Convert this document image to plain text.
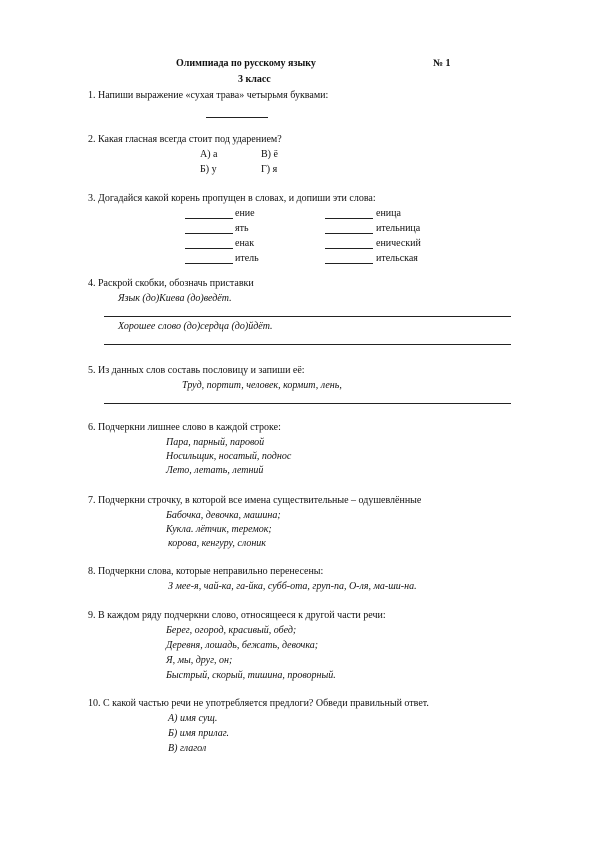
Олимпиада по русскому языку	№ 1
3 класс
1. Напиши выражение «сухая трава» четырьмя буквами:
2. Какая гласная всегда стоит под ударением?
А) а	В) ё
Б) у	Г) я
3. Догадайся какой корень пропущен в словах, и допиши эти слова:
ение	еница
ять	ительница
енак	енический
итель	ительская
4. Раскрой скобки, обозначь приставки
Язык (до)Киева (до)ведёт.
Хорошее слово (до)сердца (до)йдёт.
5. Из данных слов составь пословицу и запиши её:
Труд, портит, человек, кормит, лень,
6. Подчеркни лишнее слово в каждой строке:
Пара, парный, паровой
Носильщик, носатый, поднос
Лето, летать, летний
7. Подчеркни строчку, в которой все имена существительные – одушевлённые
Бабочка, девочка, машина;
Кукла. лётчик, теремок;
корова, кенгуру, слоник
8. Подчеркни слова, которые неправильно перенесены:
З мее-я, чай-ка, га-йка, субб-ота, груп-па, О-ля, ма-ши-на.
9. В каждом ряду подчеркни слово, относящееся к другой части речи:
Берег, огород, красивый, обед;
Деревня, лошадь, бежать, девочка;
Я, мы, друг, он;
Быстрый, скорый, тишина, проворный.
10. С какой частью речи не употребляется предлоги? Обведи правильный ответ.
А) имя сущ.
Б) имя прилаг.
В) глагол
